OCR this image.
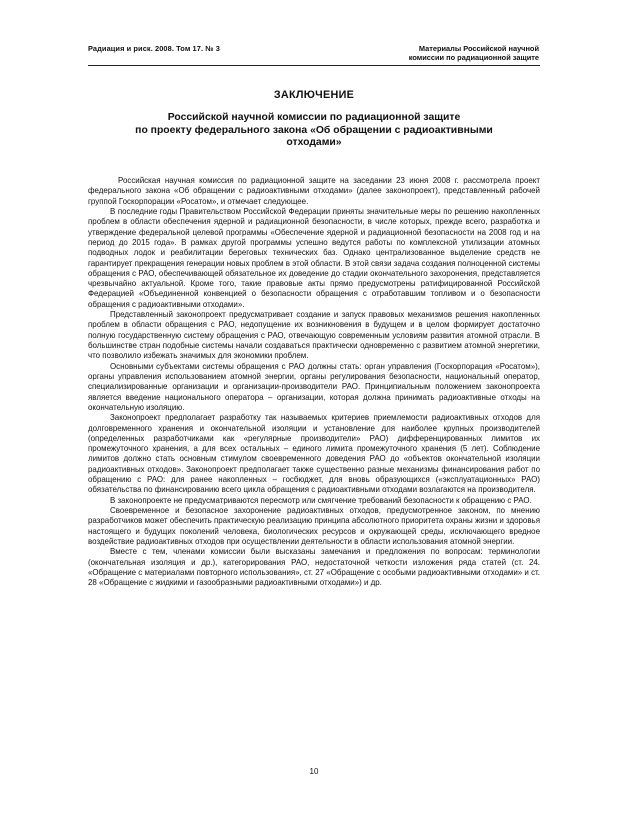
Радиация и риск. 2008. Том 17. № 3	Материалы Российской научной
комиссии по радиационной защите
ЗАКЛЮЧЕНИЕ
Российской научной комиссии по радиационной защите
по проекту федерального закона «Об обращении с радиоактивными
отходами»

Российская научная комиссия по радиационной защите на заседании 23 июня 2008 г. рассмотрела проект федерального закона «Об обращении с радиоактивными отходами» (далее законопроект), представленный рабочей группой Госкорпорации «Росатом», и отмечает следующее.

В последние годы Правительством Российской Федерации приняты значительные меры по решению накопленных проблем в области обеспечения ядерной и радиационной безопасности, в числе которых, прежде всего, разработка и утверждение федеральной целевой программы «Обеспечение ядерной и радиационной безопасности на 2008 год и на период до 2015 года». В рамках другой программы успешно ведутся работы по комплексной утилизации атомных подводных лодок и реабилитации береговых технических баз. Однако централизованное выделение средств не гарантирует прекращения генерации новых проблем в этой области. В этой связи задача создания полноценной системы обращения с РАО, обеспечивающей обязательное их доведение до стадии окончательного захоронения, представляется чрезвычайно актуальной. Кроме того, такие правовые акты прямо предусмотрены ратифицированной Российской Федерацией «Объединенной конвенцией о безопасности обращения с отработавшим топливом и о безопасности обращения с радиоактивными отходами».

Представленный законопроект предусматривает создание и запуск правовых механизмов решения накопленных проблем в области обращения с РАО, недопущение их возникновения в будущем и в целом формирует достаточно полную государственную систему обращения с РАО, отвечающую современным условиям развития атомной отрасли. В большинстве стран подобные системы начали создаваться практически одновременно с развитием атомной энергетики, что позволило избежать значимых для экономики проблем.

Основными субъектами системы обращения с РАО должны стать: орган управления (Госкорпорация «Росатом»), органы управления использованием атомной энергии, органы регулирования безопасности, национальный оператор, специализированные организации и организации-производители РАО. Принципиальным положением законопроекта является введение национального оператора – организации, которая должна принимать радиоактивные отходы на окончательную изоляцию.

Законопроект предполагает разработку так называемых критериев приемлемости радиоактивных отходов для долговременного хранения и окончательной изоляции и установление для наиболее крупных производителей (определенных разработчиками как «регулярные производители» РАО) дифференцированных лимитов их промежуточного хранения, а для всех остальных – единого лимита промежуточного хранения (5 лет). Соблюдение лимитов должно стать основным стимулом своевременного доведения РАО до «объектов окончательной изоляции радиоактивных отходов». Законопроект предполагает также существенно разные механизмы финансирования работ по обращению с РАО: для ранее накопленных – госбюджет, для вновь образующихся («эксплуатационных» РАО) обязательства по финансированию всего цикла обращения с радиоактивными отходами возлагаются на производителя.

В законопроекте не предусматриваются пересмотр или смягчение требований безопасности к обращению с РАО.

Своевременное и безопасное захоронение радиоактивных отходов, предусмотренное законом, по мнению разработчиков может обеспечить практическую реализацию принципа абсолютного приоритета охраны жизни и здоровья настоящего и будущих поколений человека, биологических ресурсов и окружающей среды, исключающего вредное воздействие радиоактивных отходов при осуществлении деятельности в области использования атомной энергии.

Вместе с тем, членами комиссии были высказаны замечания и предложения по вопросам: терминологии (окончательная изоляция и др.), категорирования РАО, недостаточной четкости изложения ряда статей (ст. 24. «Обращение с материалами повторного использования», ст. 27 «Обращение с особыми радиоактивными отходами» и ст. 28 «Обращение с жидкими и газообразными радиоактивными отходами») и др.

10
